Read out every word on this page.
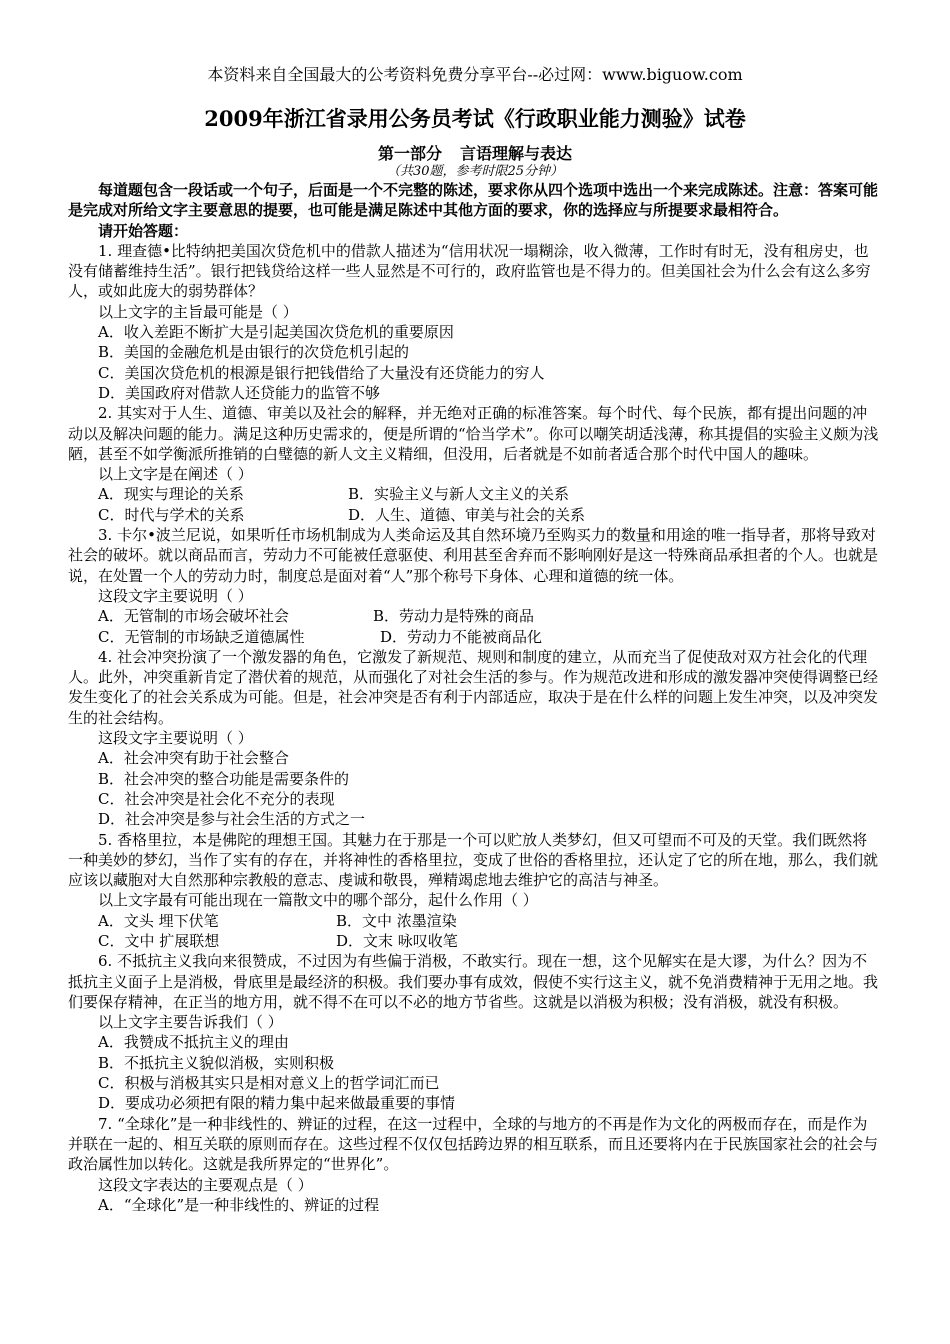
本资料来自全国最大的公考资料免费分享平台--必过网：www.biguow.com
2009年浙江省录用公务员考试《行政职业能力测验》试卷
第一部分 言语理解与表达
（共30题，参考时限25分钟）
每道题包含一段话或一个句子，后面是一个不完整的陈述，要求你从四个选项中选出一个来完成陈述。注意：答案可能是完成对所给文字主要意思的提要，也可能是满足陈述中其他方面的要求，你的选择应与所提要求最相符合。
请开始答题：
1. 理查德•比特纳把美国次贷危机中的借款人描述为“信用状况一塌糊涂，收入微薄，工作时有时无，没有租房史，也没有储蓄维持生活”。银行把钱贷给这样一些人显然是不可行的，政府监管也是不得力的。但美国社会为什么会有这么多穷人，或如此庞大的弱势群体？
以上文字的主旨最可能是（ ）
A．收入差距不断扩大是引起美国次贷危机的重要原因
B．美国的金融危机是由银行的次贷危机引起的
C．美国次贷危机的根源是银行把钱借给了大量没有还贷能力的穷人
D．美国政府对借款人还贷能力的监管不够
2. 其实对于人生、道德、审美以及社会的解释，并无绝对正确的标准答案。每个时代、每个民族，都有提出问题的冲动以及解决问题的能力。满足这种历史需求的，便是所谓的“恰当学术”。你可以嘲笑胡适浅薄，称其提倡的实验主义颇为浅陋，甚至不如学衡派所推销的白璧德的新人文主义精细，但没用，后者就是不如前者适合那个时代中国人的趣味。
以上文字是在阐述（ ）
A．现实与理论的关系	B．实验主义与新人文主义的关系
C．时代与学术的关系	D．人生、道德、审美与社会的关系
3. 卡尔•波兰尼说，如果听任市场机制成为人类命运及其自然环境乃至购买力的数量和用途的唯一指导者，那将导致对社会的破坏。就以商品而言，劳动力不可能被任意驱使、利用甚至舍弃而不影响刚好是这一特殊商品承担者的个人。也就是说，在处置一个人的劳动力时，制度总是面对着“人”那个称号下身体、心理和道德的统一体。
这段文字主要说明（ ）
A．无管制的市场会破坏社会	B．劳动力是特殊的商品
C．无管制的市场缺乏道德属性	D．劳动力不能被商品化
4. 社会冲突扮演了一个激发器的角色，它激发了新规范、规则和制度的建立，从而充当了促使敌对双方社会化的代理人。此外，冲突重新肯定了潜伏着的规范，从而强化了对社会生活的参与。作为规范改进和形成的激发器冲突使得调整已经发生变化了的社会关系成为可能。但是，社会冲突是否有利于内部适应，取决于是在什么样的问题上发生冲突，以及冲突发生的社会结构。
这段文字主要说明（ ）
A．社会冲突有助于社会整合
B．社会冲突的整合功能是需要条件的
C．社会冲突是社会化不充分的表现
D．社会冲突是参与社会生活的方式之一
5. 香格里拉，本是佛陀的理想王国。其魅力在于那是一个可以贮放人类梦幻，但又可望而不可及的天堂。我们既然将一种美妙的梦幻，当作了实有的存在，并将神性的香格里拉，变成了世俗的香格里拉，还认定了它的所在地，那么，我们就应该以藏胞对大自然那种宗教般的意志、虔诚和敬畏，殚精竭虑地去维护它的高洁与神圣。
以上文字最有可能出现在一篇散文中的哪个部分，起什么作用（ ）
A．文头 埋下伏笔	B．文中 浓墨渲染
C．文中 扩展联想	D．文末 咏叹收笔
6. 不抵抗主义我向来很赞成，不过因为有些偏于消极，不敢实行。现在一想，这个见解实在是大谬，为什么？因为不抵抗主义面子上是消极，骨底里是最经济的积极。我们要办事有成效，假使不实行这主义，就不免消费精神于无用之地。我们要保存精神，在正当的地方用，就不得不在可以不必的地方节省些。这就是以消极为积极；没有消极，就没有积极。
以上文字主要告诉我们（ ）
A．我赞成不抵抗主义的理由
B．不抵抗主义貌似消极，实则积极
C．积极与消极其实只是相对意义上的哲学词汇而已
D．要成功必须把有限的精力集中起来做最重要的事情
7. “全球化”是一种非线性的、辨证的过程，在这一过程中，全球的与地方的不再是作为文化的两极而存在，而是作为并联在一起的、相互关联的原则而存在。这些过程不仅仅包括跨边界的相互联系，而且还要将内在于民族国家社会的社会与政治属性加以转化。这就是我所界定的“世界化”。
这段文字表达的主要观点是（ ）
A．“全球化”是一种非线性的、辨证的过程
